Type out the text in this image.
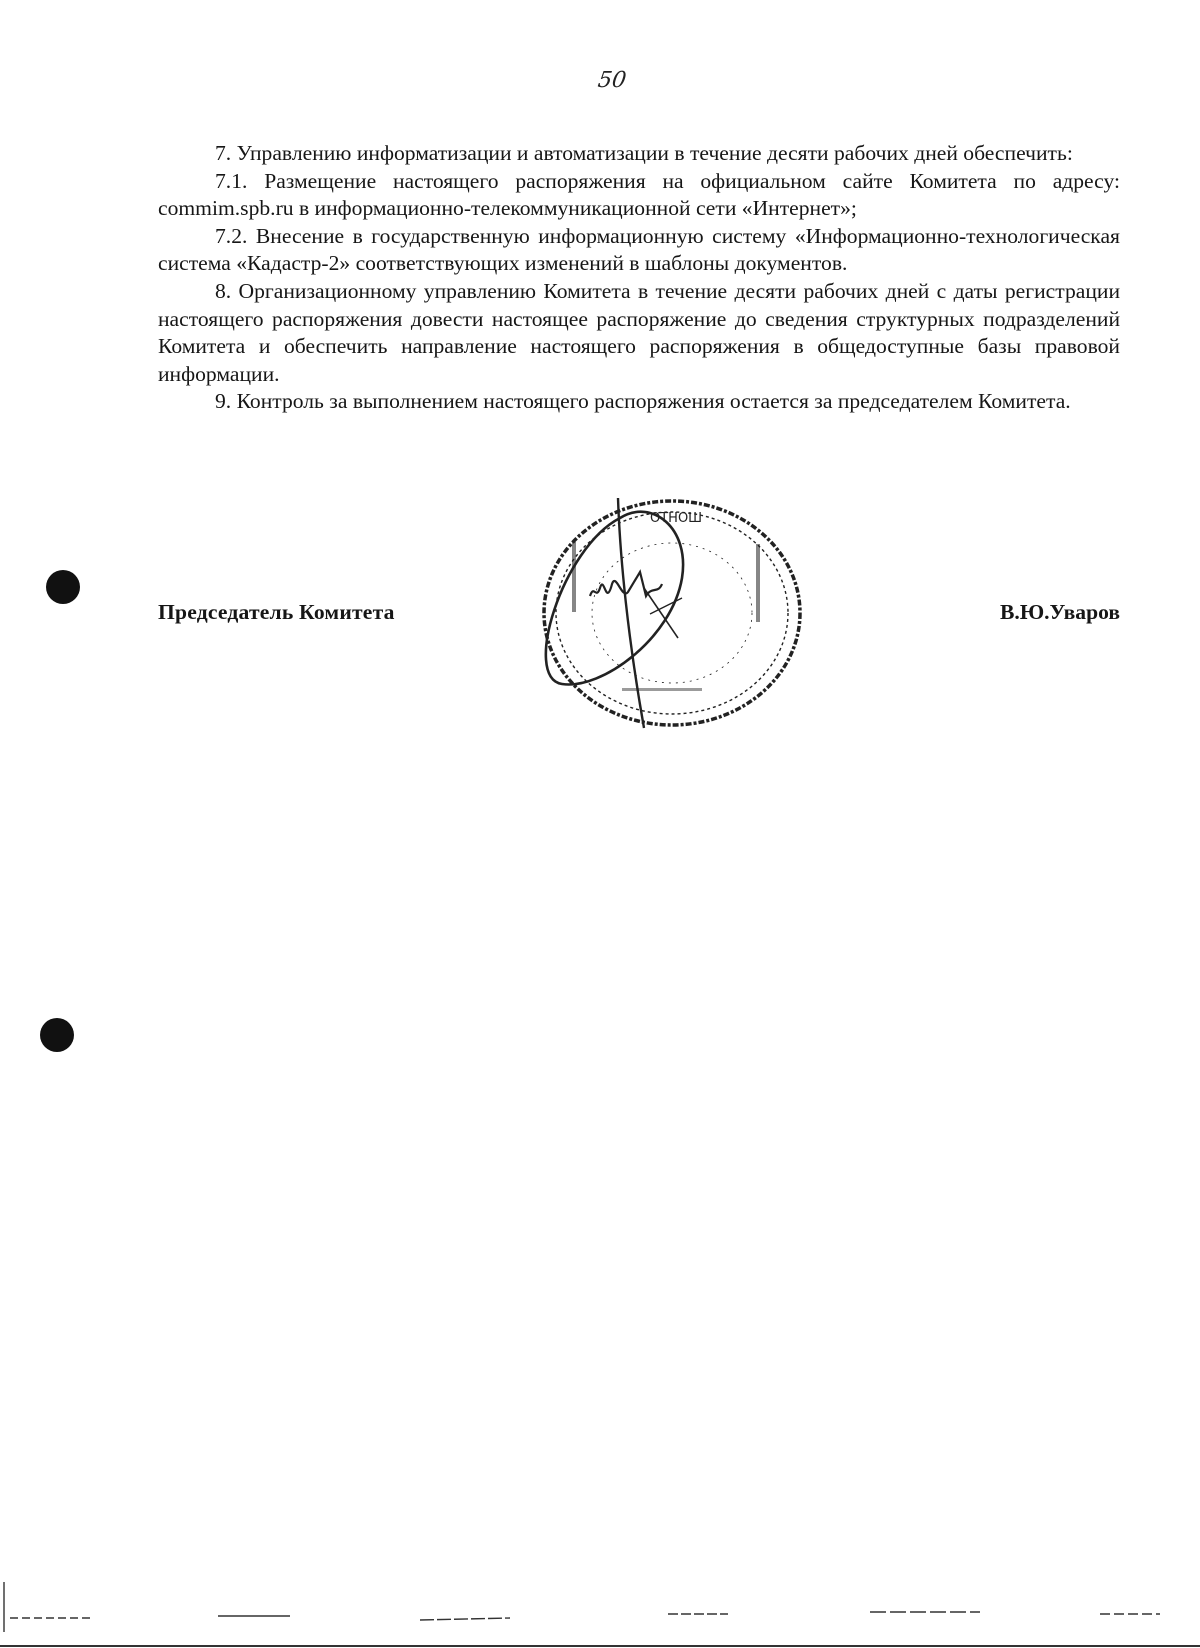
50

7. Управлению информатизации и автоматизации в течение десяти рабочих дней обеспечить:

7.1. Размещение настоящего распоряжения на официальном сайте Комитета по адресу: commim.spb.ru в информационно-телекоммуникационной сети «Интернет»;

7.2. Внесение в государственную информационную систему «Информационно-технологическая система «Кадастр-2» соответствующих изменений в шаблоны документов.

8. Организационному управлению Комитета в течение десяти рабочих дней с даты регистрации настоящего распоряжения довести настоящее распоряжение до сведения структурных подразделений Комитета и обеспечить направление настоящего распоряжения в общедоступные базы правовой информации.

9. Контроль за выполнением настоящего распоряжения остается за председателем Комитета.

Председатель Комитета	В.Ю.Уваров
ОТНОШ
